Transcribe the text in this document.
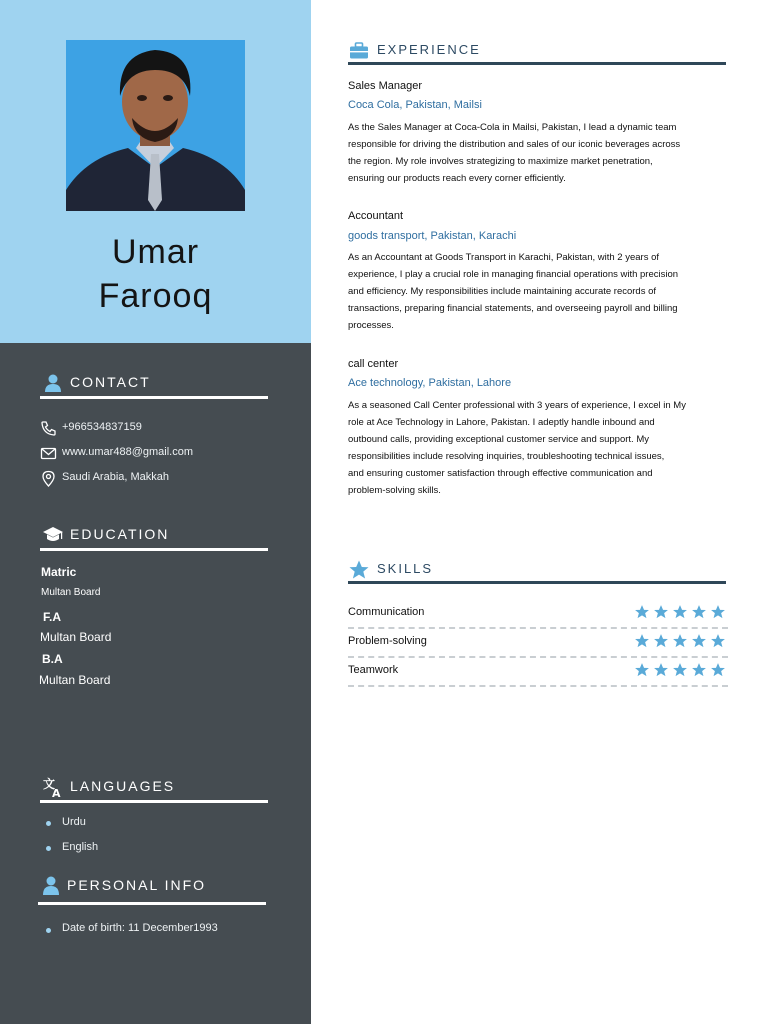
Umar
Farooq
CONTACT
+966534837159
www.umar488@gmail.com
Saudi Arabia, Makkah
EDUCATION
Matric
Multan Board
F.A
Multan Board
B.A
Multan Board
文
A LANGUAGES
Urdu
English
PERSONAL INFO
Date of birth: 11 December1993
EXPERIENCE
Sales Manager
Coca Cola, Pakistan, Mailsi
As the Sales Manager at Coca-Cola in Mailsi, Pakistan, I lead a dynamic team
responsible for driving the distribution and sales of our iconic beverages across
the region. My role involves strategizing to maximize market penetration,
ensuring our products reach every corner efficiently.
Accountant
goods transport, Pakistan, Karachi
As an Accountant at Goods Transport in Karachi, Pakistan, with 2 years of
experience, I play a crucial role in managing financial operations with precision
and efficiency. My responsibilities include maintaining accurate records of
transactions, preparing financial statements, and overseeing payroll and billing
processes.
call center
Ace technology, Pakistan, Lahore
As a seasoned Call Center professional with 3 years of experience, I excel in My
role at Ace Technology in Lahore, Pakistan. I adeptly handle inbound and
outbound calls, providing exceptional customer service and support. My
responsibilities include resolving inquiries, troubleshooting technical issues,
and ensuring customer satisfaction through effective communication and
problem-solving skills.
SKILLS
Communication
Problem-solving
Teamwork
